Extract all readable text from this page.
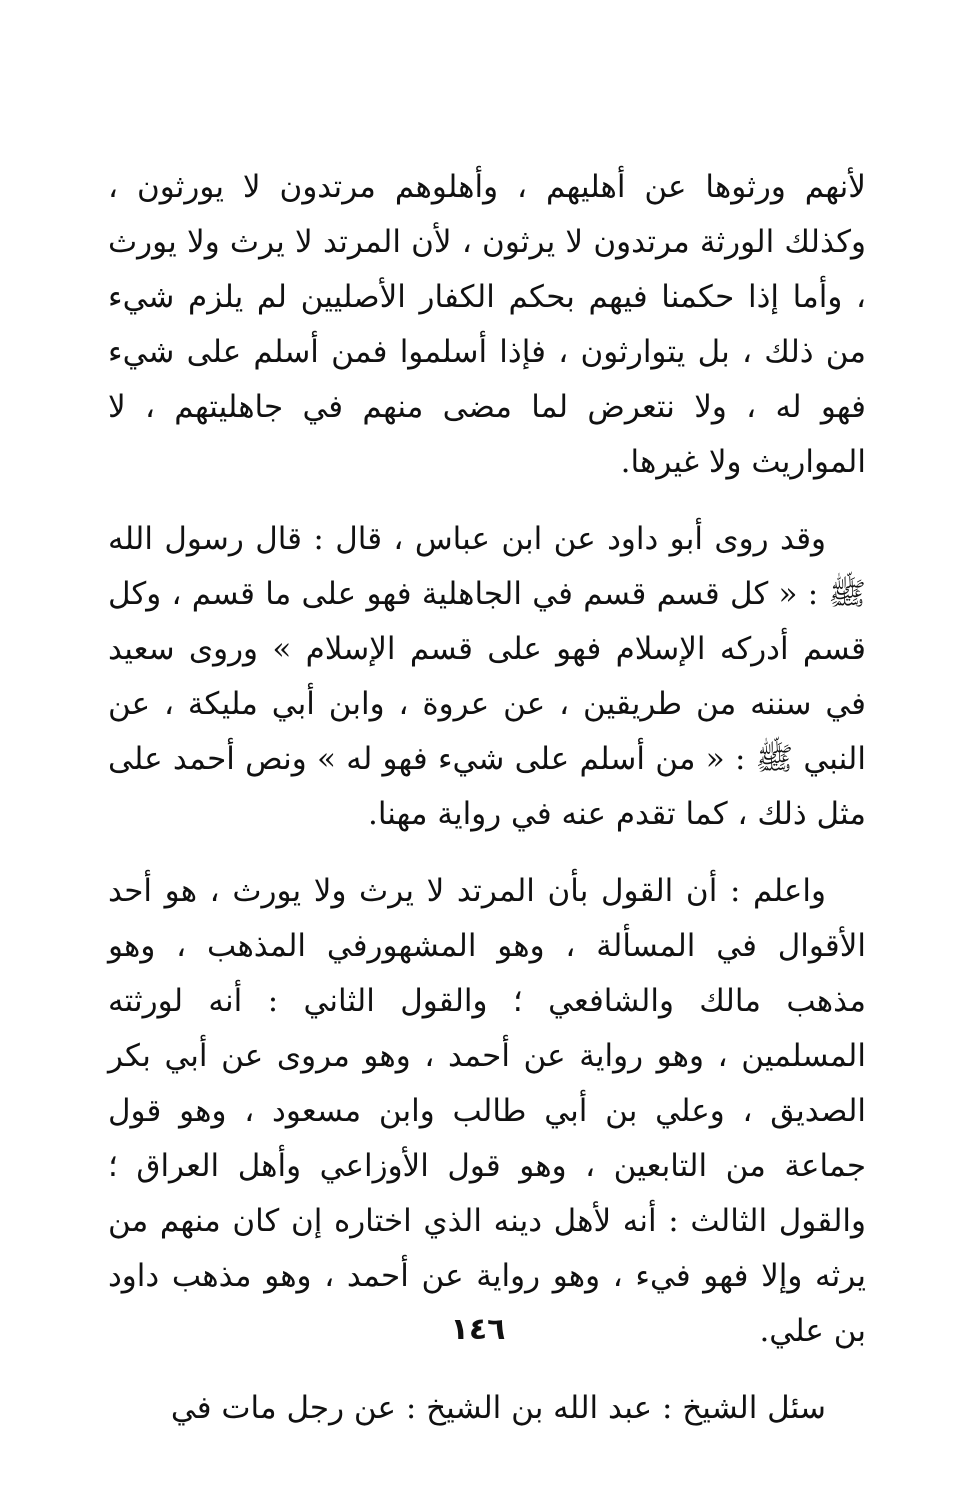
لأنهم ورثوها عن أهليهم ، وأهلوهم مرتدون لا يورثون ، وكذلك الورثة مرتدون لا يرثون ، لأن المرتد لا يرث ولا يورث ، وأما إذا حكمنا فيهم بحكم الكفار الأصليين لم يلزم شيء من ذلك ، بل يتوارثون ، فإذا أسلموا فمن أسلم على شيء فهو له ، ولا نتعرض لما مضى منهم في جاهليتهم ، لا المواريث ولا غيرها.

وقد روى أبو داود عن ابن عباس ، قال : قال رسول الله ﷺ : « كل قسم قسم في الجاهلية فهو على ما قسم ، وكل قسم أدركه الإسلام فهو على قسم الإسلام » وروى سعيد في سننه من طريقين ، عن عروة ، وابن أبي مليكة ، عن النبي ﷺ : « من أسلم على شيء فهو له » ونص أحمد على مثل ذلك ، كما تقدم عنه في رواية مهنا.

واعلم : أن القول بأن المرتد لا يرث ولا يورث ، هو أحد الأقوال في المسألة ، وهو المشهورفي المذهب ، وهو مذهب مالك والشافعي ؛ والقول الثاني : أنه لورثته المسلمين ، وهو رواية عن أحمد ، وهو مروى عن أبي بكر الصديق ، وعلي بن أبي طالب وابن مسعود ، وهو قول جماعة من التابعين ، وهو قول الأوزاعي وأهل العراق ؛ والقول الثالث : أنه لأهل دينه الذي اختاره إن كان منهم من يرثه وإلا فهو فيء ، وهو رواية عن أحمد ، وهو مذهب داود بن علي.

سئل الشيخ : عبد الله بن الشيخ : عن رجل مات في

١٤٦
